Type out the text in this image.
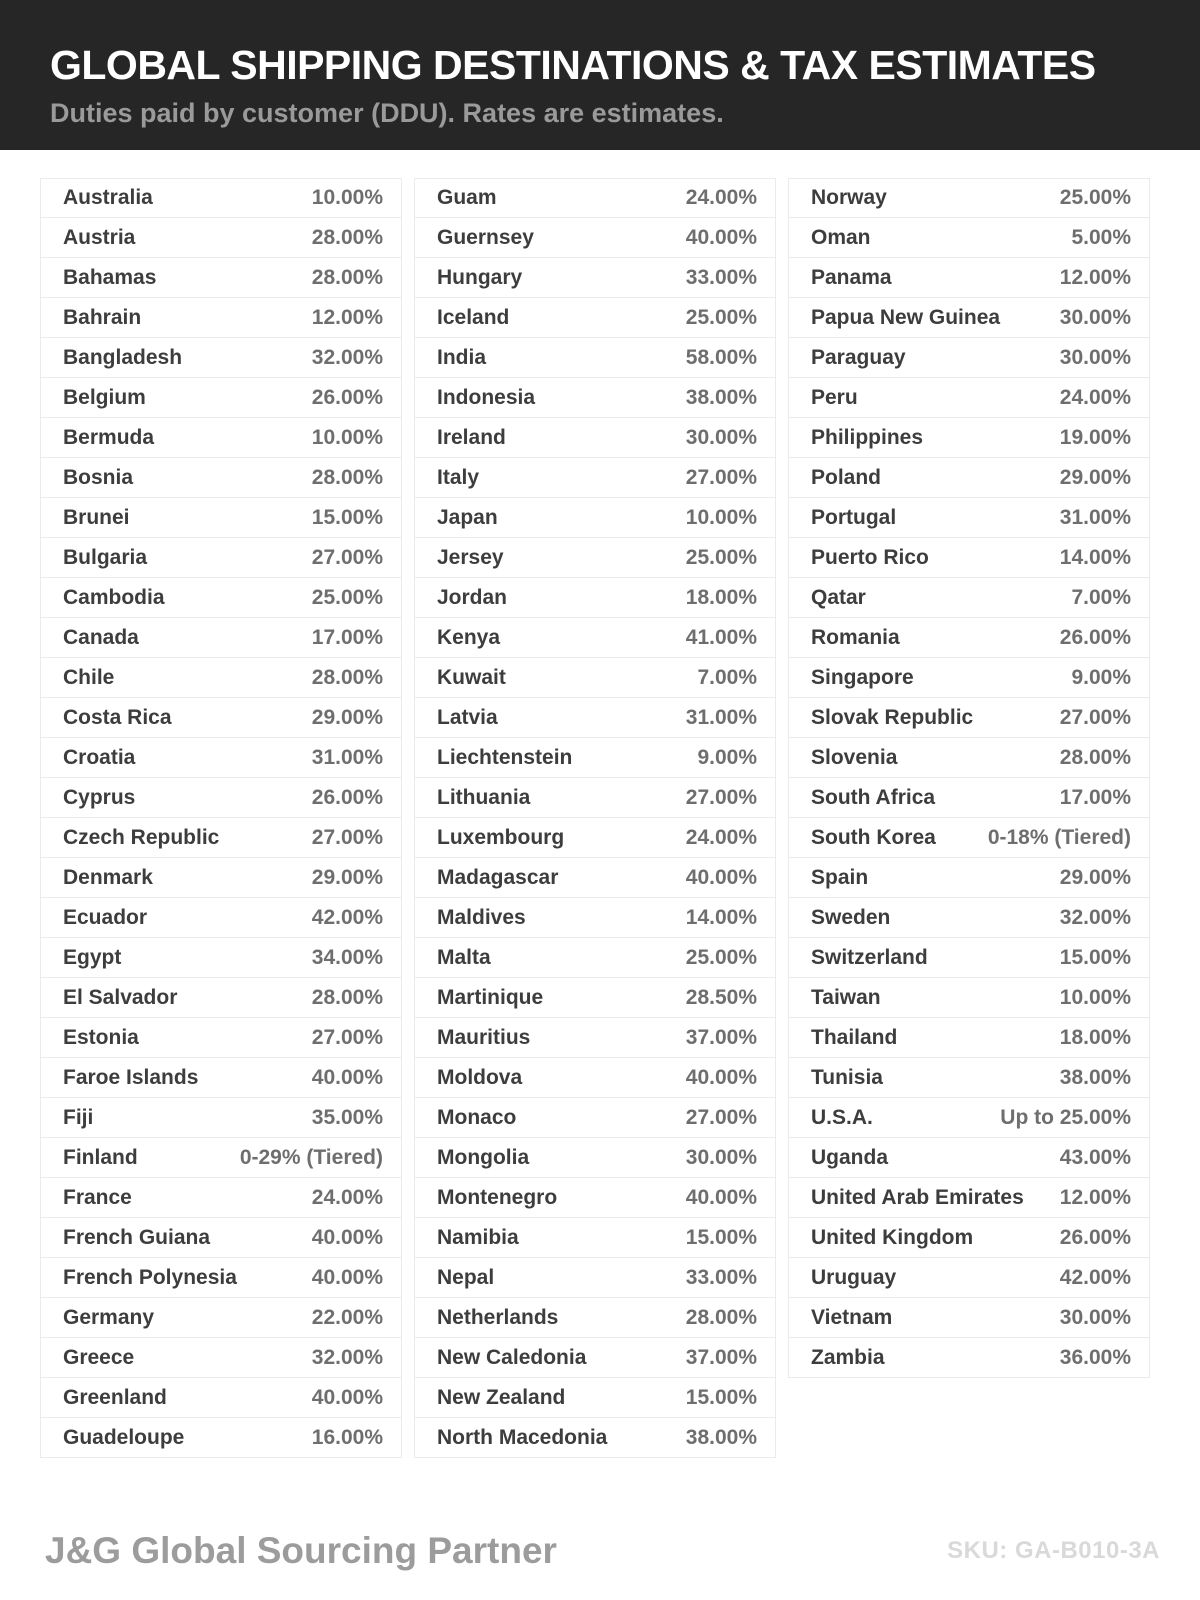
GLOBAL SHIPPING DESTINATIONS & TAX ESTIMATES
Duties paid by customer (DDU). Rates are estimates.
Australia	10.00%
Austria	28.00%
Bahamas	28.00%
Bahrain	12.00%
Bangladesh	32.00%
Belgium	26.00%
Bermuda	10.00%
Bosnia	28.00%
Brunei	15.00%
Bulgaria	27.00%
Cambodia	25.00%
Canada	17.00%
Chile	28.00%
Costa Rica	29.00%
Croatia	31.00%
Cyprus	26.00%
Czech Republic	27.00%
Denmark	29.00%
Ecuador	42.00%
Egypt	34.00%
El Salvador	28.00%
Estonia	27.00%
Faroe Islands	40.00%
Fiji	35.00%
Finland	0-29% (Tiered)
France	24.00%
French Guiana	40.00%
French Polynesia	40.00%
Germany	22.00%
Greece	32.00%
Greenland	40.00%
Guadeloupe	16.00%
Guam	24.00%
Guernsey	40.00%
Hungary	33.00%
Iceland	25.00%
India	58.00%
Indonesia	38.00%
Ireland	30.00%
Italy	27.00%
Japan	10.00%
Jersey	25.00%
Jordan	18.00%
Kenya	41.00%
Kuwait	7.00%
Latvia	31.00%
Liechtenstein	9.00%
Lithuania	27.00%
Luxembourg	24.00%
Madagascar	40.00%
Maldives	14.00%
Malta	25.00%
Martinique	28.50%
Mauritius	37.00%
Moldova	40.00%
Monaco	27.00%
Mongolia	30.00%
Montenegro	40.00%
Namibia	15.00%
Nepal	33.00%
Netherlands	28.00%
New Caledonia	37.00%
New Zealand	15.00%
North Macedonia	38.00%
Norway	25.00%
Oman	5.00%
Panama	12.00%
Papua New Guinea	30.00%
Paraguay	30.00%
Peru	24.00%
Philippines	19.00%
Poland	29.00%
Portugal	31.00%
Puerto Rico	14.00%
Qatar	7.00%
Romania	26.00%
Singapore	9.00%
Slovak Republic	27.00%
Slovenia	28.00%
South Africa	17.00%
South Korea 0-18% (Tiered)
Spain	29.00%
Sweden	32.00%
Switzerland	15.00%
Taiwan	10.00%
Thailand	18.00%
Tunisia	38.00%
U.S.A.	Up to 25.00%
Uganda	43.00%
United Arab Emirates 12.00%
United Kingdom	26.00%
Uruguay	42.00%
Vietnam	30.00%
Zambia	36.00%
J&G Global Sourcing Partner	SKU: GA-B010-3A
